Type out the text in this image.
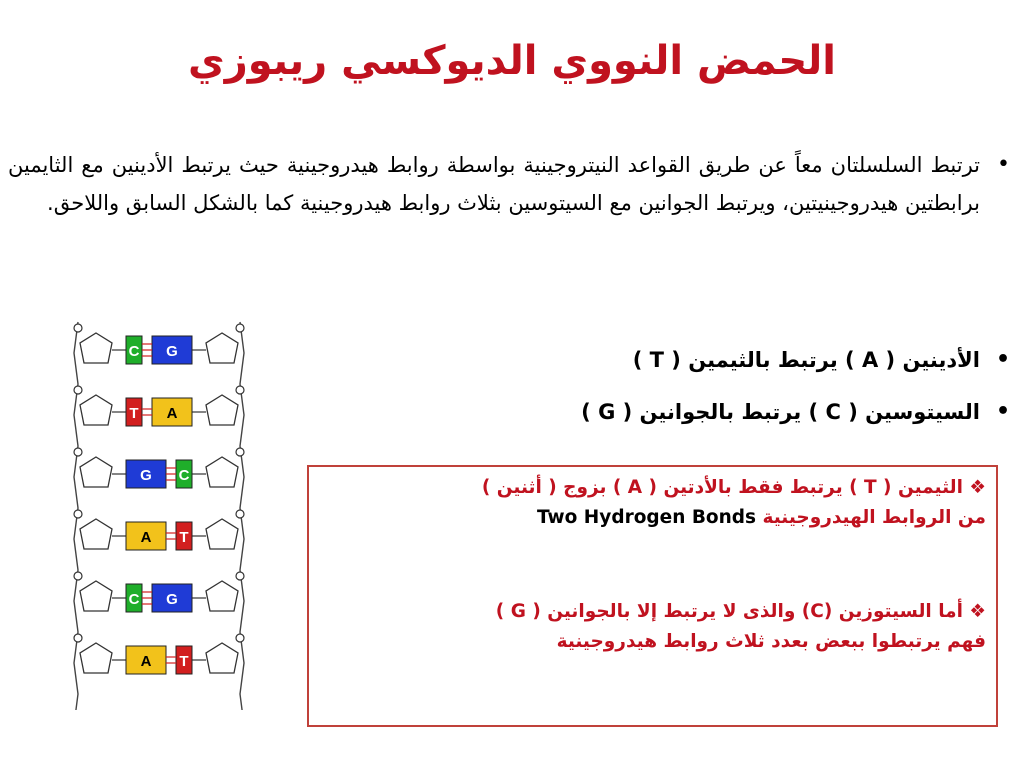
الحمض النووي الديوكسي ريبوزي
•
ترتبط السلسلتان معاً عن طريق القواعد النيتروجينية بواسطة روابط هيدروجينية حيث يرتبط الأدينين مع الثايمين برابطتين هيدروجينيتين، ويرتبط الجوانين مع السيتوسين بثلاث روابط هيدروجينية كما بالشكل السابق واللاحق.
•
الأدينين ( A ) يرتبط بالثيمين ( T )
•
السيتوسين ( C ) يرتبط بالجوانين ( G )
C G
T A
G C
A T
C G
A T
❖ الثيمين ( T ) يرتبط فقط بالأدتين ( A ) بزوج ( أثنين )
من الروابط الهيدروجينية Two Hydrogen Bonds
❖ أما السيتوزين (C) والذى لا يرتبط إلا بالجوانين ( G )
فهم يرتبطوا ببعض بعدد ثلاث روابط هيدروجينية
